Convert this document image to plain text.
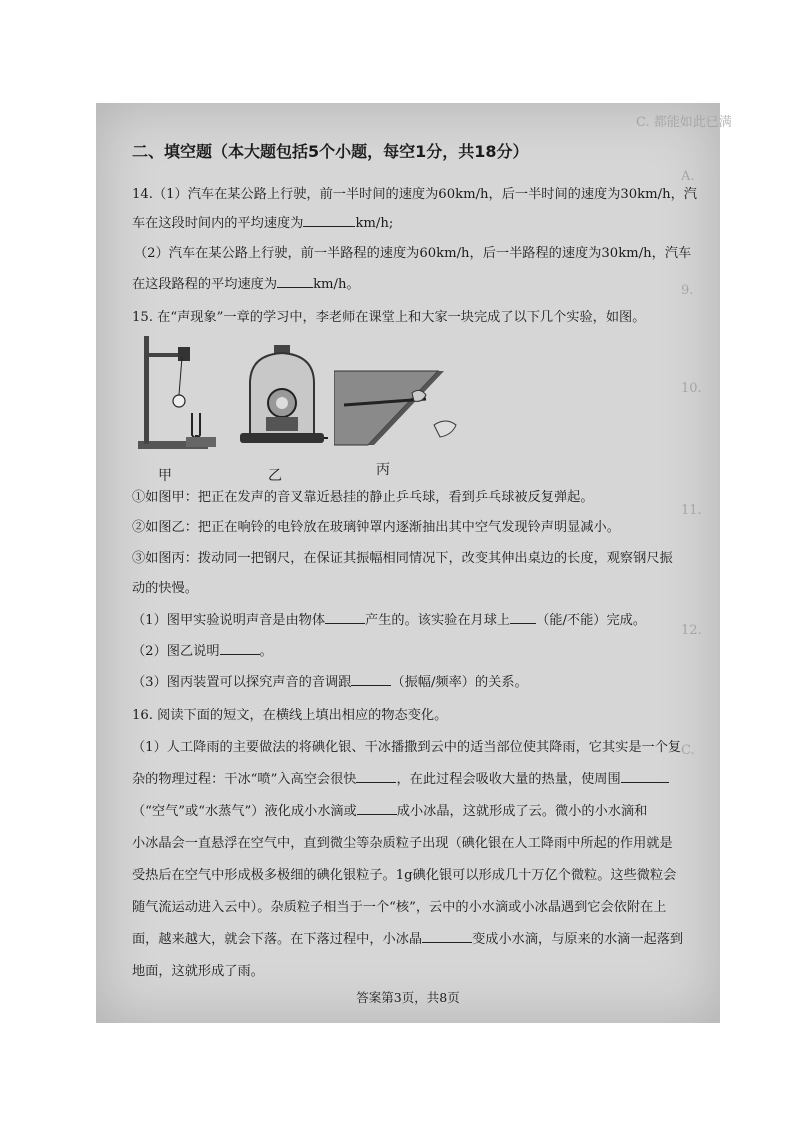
C. 都能如此已满
A.
9.
10.
11.
12.
C.
二、填空题（本大题包括5个小题，每空1分，共18分）
14.（1）汽车在某公路上行驶，前一半时间的速度为60km/h，后一半时间的速度为30km/h，汽
车在这段时间内的平均速度为	km/h;
（2）汽车在某公路上行驶，前一半路程的速度为60km/h，后一半路程的速度为30km/h，汽车
在这段路程的平均速度为	km/h。
15. 在“声现象”一章的学习中，李老师在课堂上和大家一块完成了以下几个实验，如图。
甲	乙	丙
①如图甲：把正在发声的音叉靠近悬挂的静止乒乓球，看到乒乓球被反复弹起。
②如图乙：把正在响铃的电铃放在玻璃钟罩内逐渐抽出其中空气发现铃声明显减小。
③如图丙：拨动同一把钢尺，在保证其振幅相同情况下，改变其伸出桌边的长度，观察钢尺振
动的快慢。
（1）图甲实验说明声音是由物体	产生的。该实验在月球上 （能/不能）完成。
（2）图乙说明	。
（3）图丙装置可以探究声音的音调跟	（振幅/频率）的关系。
16. 阅读下面的短文，在横线上填出相应的物态变化。
（1）人工降雨的主要做法的将碘化银、干冰播撒到云中的适当部位使其降雨，它其实是一个复
杂的物理过程：干冰“喷”入高空会很快	，在此过程会吸收大量的热量，使周围
（“空气”或“水蒸气”）液化成小水滴或	成小冰晶，这就形成了云。微小的小水滴和
小冰晶会一直悬浮在空气中，直到微尘等杂质粒子出现（碘化银在人工降雨中所起的作用就是
受热后在空气中形成极多极细的碘化银粒子。1g碘化银可以形成几十万亿个微粒。这些微粒会
随气流运动进入云中）。杂质粒子相当于一个“核”，云中的小水滴或小冰晶遇到它会依附在上
面，越来越大，就会下落。在下落过程中，小冰晶	变成小水滴，与原来的水滴一起落到
地面，这就形成了雨。
答案第3页，共8页
